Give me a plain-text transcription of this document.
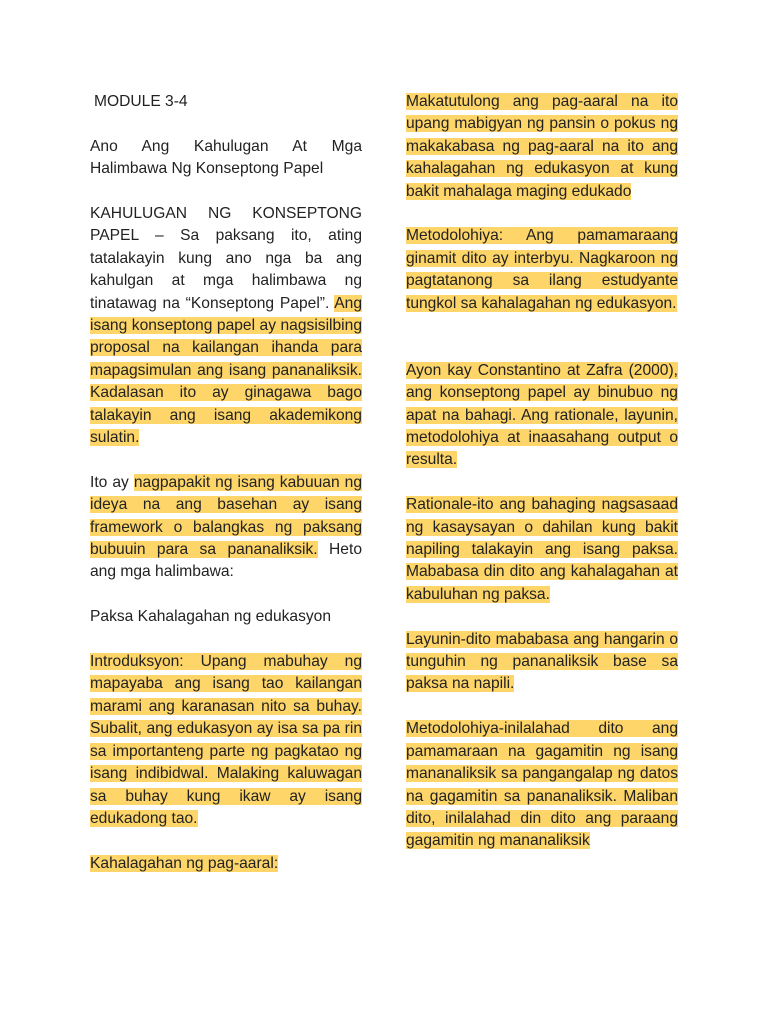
MODULE 3-4

Ano Ang Kahulugan At Mga Halimbawa Ng Konseptong Papel

KAHULUGAN NG KONSEPTONG PAPEL – Sa paksang ito, ating tatalakayin kung ano nga ba ang kahulgan at mga halimbawa ng tinatawag na “Konseptong Papel”. Ang isang konseptong papel ay nagsisilbing proposal na kailangan ihanda para mapagsimulan ang isang pananaliksik. Kadalasan ito ay ginagawa bago talakayin ang isang akademikong sulatin.

Ito ay nagpapakit ng isang kabuuan ng ideya na ang basehan ay isang framework o balangkas ng paksang bubuuin para sa pananaliksik. Heto ang mga halimbawa:

Paksa Kahalagahan ng edukasyon

Introduksyon: Upang mabuhay ng mapayaba ang isang tao kailangan marami ang karanasan nito sa buhay. Subalit, ang edukasyon ay isa sa pa rin sa importanteng parte ng pagkatao ng isang indibidwal. Malaking kaluwagan sa buhay kung ikaw ay isang edukadong tao.

Kahalagahan ng pag-aaral:

Makatutulong ang pag-aaral na ito upang mabigyan ng pansin o pokus ng makakabasa ng pag-aaral na ito ang kahalagahan ng edukasyon at kung bakit mahalaga maging edukado

Metodolohiya: Ang pamamaraang ginamit dito ay interbyu. Nagkaroon ng pagtatanong sa ilang estudyante tungkol sa kahalagahan ng edukasyon.

Ayon kay Constantino at Zafra (2000), ang konseptong papel ay binubuo ng apat na bahagi. Ang rationale, layunin, metodolohiya at inaasahang output o resulta.

Rationale-ito ang bahaging nagsasaad ng kasaysayan o dahilan kung bakit napiling talakayin ang isang paksa. Mababasa din dito ang kahalagahan at kabuluhan ng paksa.

Layunin-dito mababasa ang hangarin o tunguhin ng pananaliksik base sa paksa na napili.

Metodolohiya-inilalahad dito ang pamamaraan na gagamitin ng isang mananaliksik sa pangangalap ng datos na gagamitin sa pananaliksik. Maliban dito, inilalahad din dito ang paraang gagamitin ng mananaliksik
